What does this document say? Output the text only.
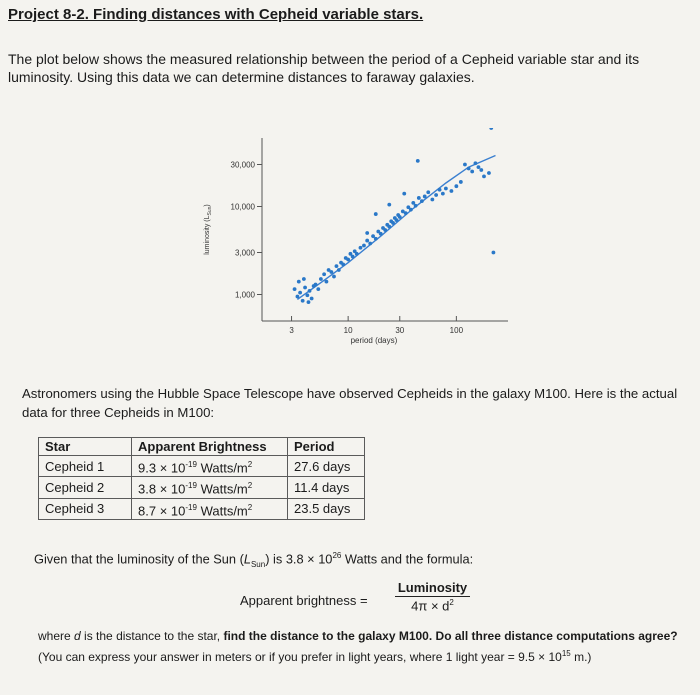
Project 8-2. Finding distances with Cepheid variable stars.
The plot below shows the measured relationship between the period of a Cepheid variable star and its luminosity. Using this data we can determine distances to faraway galaxies.
1,000
3,000
10,000
30,000
3	10	30	100
period (days)
luminosity $(L_{Sun})$
Astronomers using the Hubble Space Telescope have observed Cepheids in the galaxy M100. Here is the actual data for three Cepheids in M100:
Star	Apparent Brightness	Period
Cepheid 1	$9.3 \times 10^{-19}$ Watts/$m^2$	27.6 days
Cepheid 2	$3.8 \times 10^{-19}$ Watts/$m^2$	11.4 days
Cepheid 3	$8.7 \times 10^{-19}$ Watts/$m^2$	23.5 days
Given that the luminosity of the Sun $(L_{Sun})$ is $3.8 \times 10^{26}$ Watts and the formula:
Apparent brightness =
Luminosity
$4\pi \times d^2$
where d is the distance to the star, find the distance to the galaxy M100. Do all three distance computations agree? (You can express your answer in meters or if you prefer in light years, where 1 light year = $9.5 \times 10^{15}$ m.)
